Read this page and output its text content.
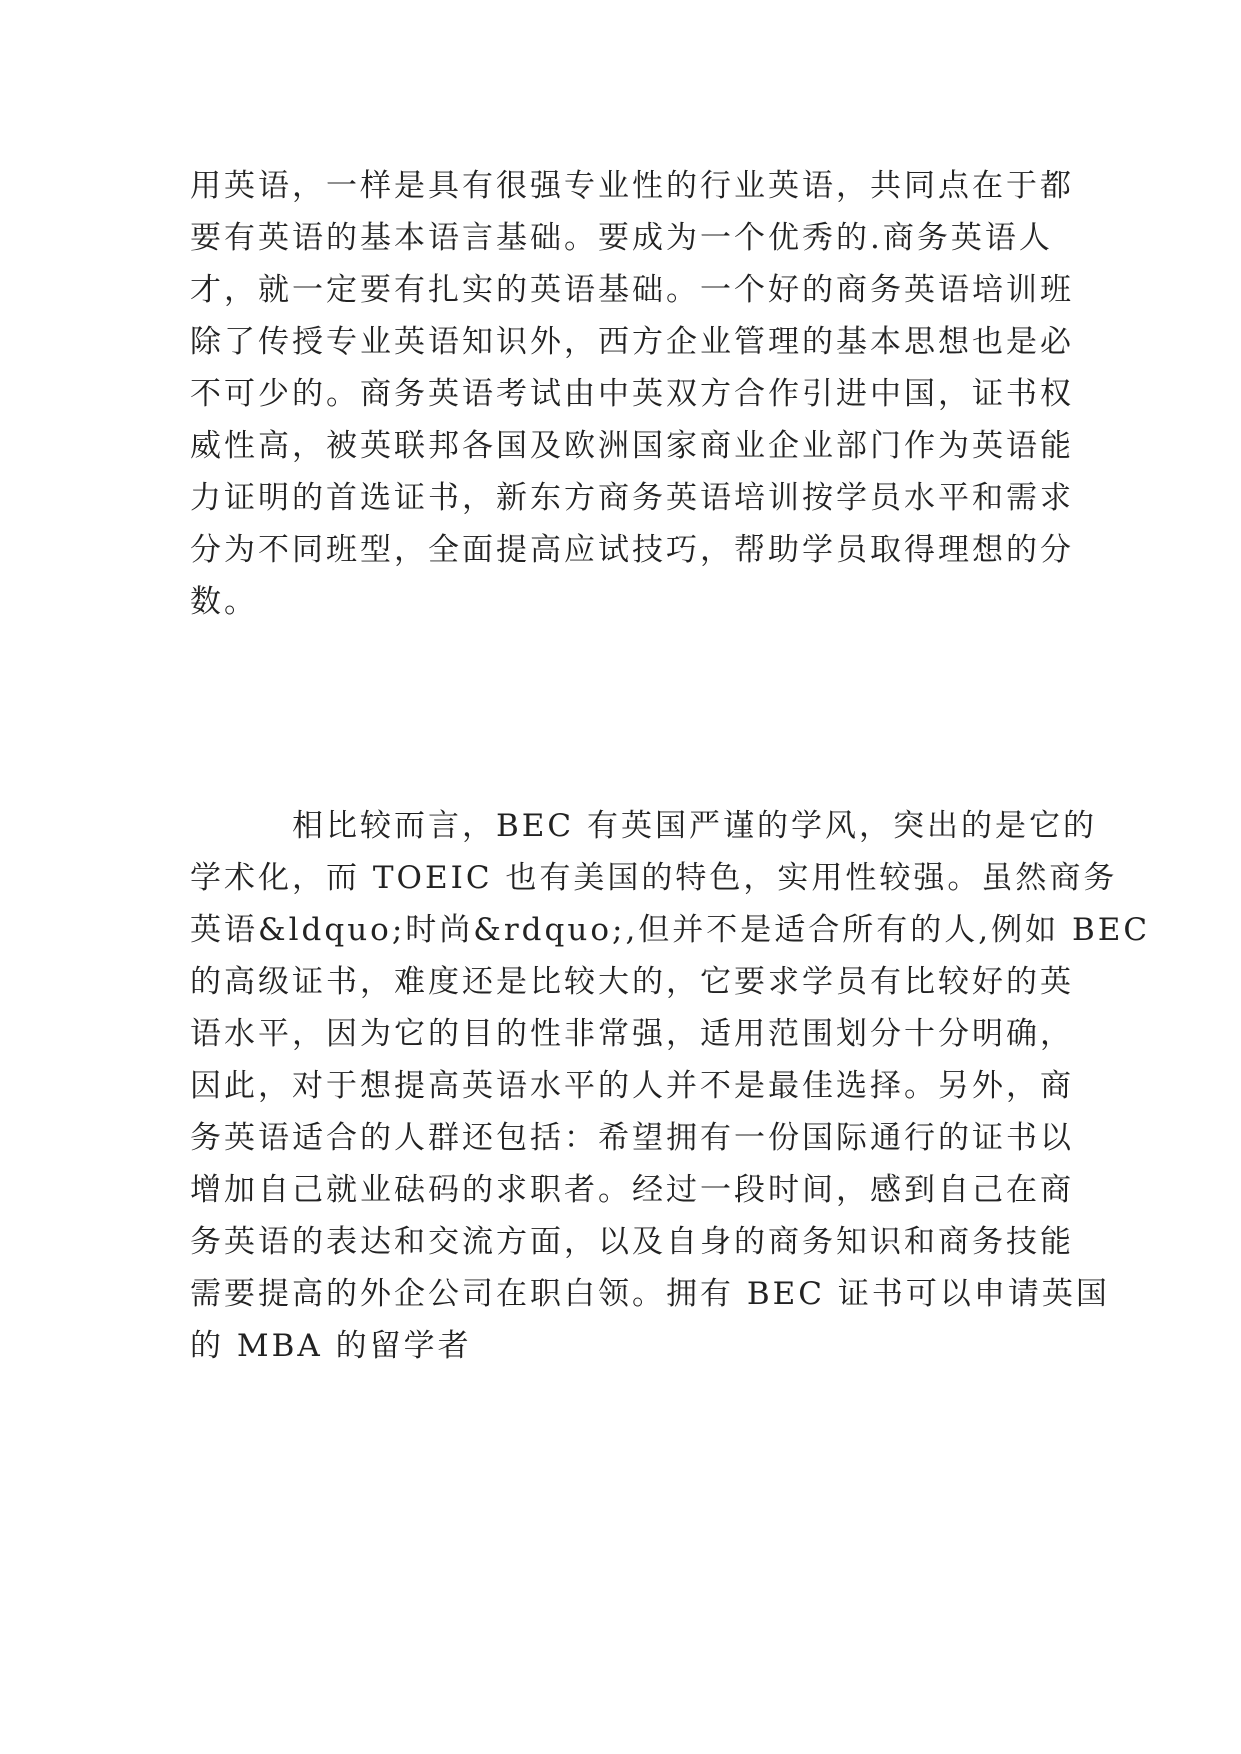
用英语，一样是具有很强专业性的行业英语，共同点在于都
要有英语的基本语言基础。要成为一个优秀的.商务英语人
才，就一定要有扎实的英语基础。一个好的商务英语培训班
除了传授专业英语知识外，西方企业管理的基本思想也是必
不可少的。商务英语考试由中英双方合作引进中国，证书权
威性高，被英联邦各国及欧洲国家商业企业部门作为英语能
力证明的首选证书，新东方商务英语培训按学员水平和需求
分为不同班型，全面提高应试技巧，帮助学员取得理想的分
数。

相比较而言，BEC 有英国严谨的学风，突出的是它的
学术化，而 TOEIC 也有美国的特色，实用性较强。虽然商务
英语&ldquo;时尚&rdquo;,但并不是适合所有的人,例如 BEC
的高级证书，难度还是比较大的，它要求学员有比较好的英
语水平，因为它的目的性非常强，适用范围划分十分明确，
因此，对于想提高英语水平的人并不是最佳选择。另外，商
务英语适合的人群还包括：希望拥有一份国际通行的证书以
增加自己就业砝码的求职者。经过一段时间，感到自己在商
务英语的表达和交流方面，以及自身的商务知识和商务技能
需要提高的外企公司在职白领。拥有 BEC 证书可以申请英国
的 MBA 的留学者
